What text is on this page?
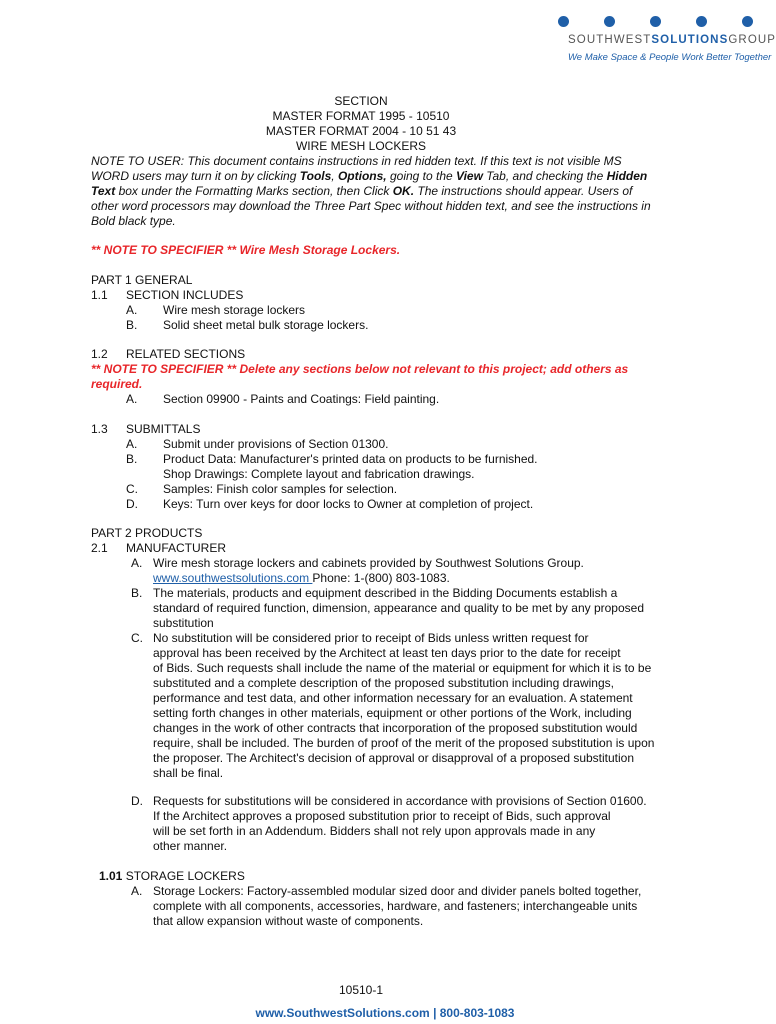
SOUTHWESTSOLUTIONSGROUP
We Make Space & People Work Better Together
SECTION
MASTER FORMAT 1995 - 10510
MASTER FORMAT 2004 - 10 51 43
WIRE MESH LOCKERS
NOTE TO USER: This document contains instructions in red hidden text. If this text is not visible MS
WORD users may turn it on by clicking Tools, Options, going to the View Tab, and checking the Hidden
Text box under the Formatting Marks section, then Click OK. The instructions should appear. Users of
other word processors may download the Three Part Spec without hidden text, and see the instructions in
Bold black type.
** NOTE TO SPECIFIER ** Wire Mesh Storage Lockers.
PART 1 GENERAL
1.1 SECTION INCLUDES
A. Wire mesh storage lockers
B. Solid sheet metal bulk storage lockers.
1.2 RELATED SECTIONS
** NOTE TO SPECIFIER ** Delete any sections below not relevant to this project; add others as
required.
A. Section 09900 - Paints and Coatings: Field painting.
1.3 SUBMITTALS
A. Submit under provisions of Section 01300.
B. Product Data: Manufacturer's printed data on products to be furnished.
Shop Drawings: Complete layout and fabrication drawings.
C. Samples: Finish color samples for selection.
D. Keys: Turn over keys for door locks to Owner at completion of project.
PART 2 PRODUCTS
2.1 MANUFACTURER
A. Wire mesh storage lockers and cabinets provided by Southwest Solutions Group.
www.southwestsolutions.com Phone: 1-(800) 803-1083.
B. The materials, products and equipment described in the Bidding Documents establish a
standard of required function, dimension, appearance and quality to be met by any proposed
substitution
C. No substitution will be considered prior to receipt of Bids unless written request for
approval has been received by the Architect at least ten days prior to the date for receipt
of Bids. Such requests shall include the name of the material or equipment for which it is to be
substituted and a complete description of the proposed substitution including drawings,
performance and test data, and other information necessary for an evaluation. A statement
setting forth changes in other materials, equipment or other portions of the Work, including
changes in the work of other contracts that incorporation of the proposed substitution would
require, shall be included. The burden of proof of the merit of the proposed substitution is upon
the proposer. The Architect's decision of approval or disapproval of a proposed substitution
shall be final.
D. Requests for substitutions will be considered in accordance with provisions of Section 01600.
If the Architect approves a proposed substitution prior to receipt of Bids, such approval
will be set forth in an Addendum. Bidders shall not rely upon approvals made in any
other manner.
1.01 STORAGE LOCKERS
A. Storage Lockers: Factory-assembled modular sized door and divider panels bolted together,
complete with all components, accessories, hardware, and fasteners; interchangeable units
that allow expansion without waste of components.
10510-1
www.SouthwestSolutions.com | 800-803-1083
